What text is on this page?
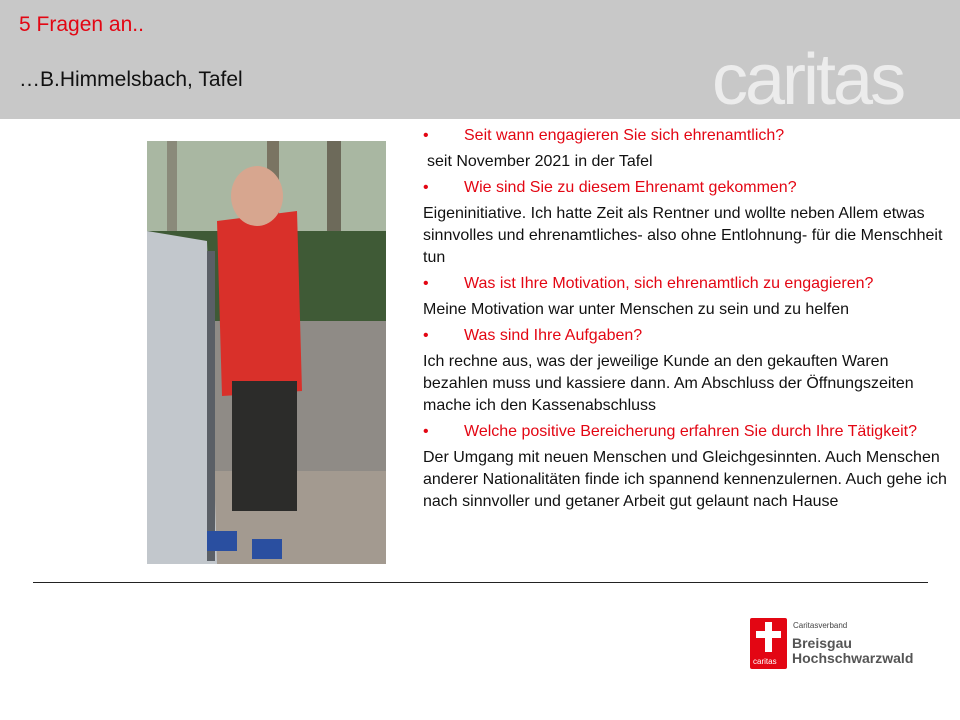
5 Fragen an..
…B.Himmelsbach, Tafel	caritas
• Seit wann engagieren Sie sich ehrenamtlich?
seit November 2021 in der Tafel
• Wie sind Sie zu diesem Ehrenamt gekommen?
Eigeninitiative. Ich hatte Zeit als Rentner und wollte neben Allem etwas sinnvolles und ehrenamtliches- also ohne Entlohnung- für die Menschheit tun
• Was ist Ihre Motivation, sich ehrenamtlich zu engagieren?
Meine Motivation war unter Menschen zu sein und zu helfen
• Was sind Ihre Aufgaben?
Ich rechne aus, was der jeweilige Kunde an den gekauften Waren bezahlen muss und kassiere dann. Am Abschluss der Öffnungszeiten mache ich den Kassenabschluss
• Welche positive Bereicherung erfahren Sie durch Ihre Tätigkeit?
Der Umgang mit neuen Menschen und Gleichgesinnten. Auch Menschen anderer Nationalitäten finde ich spannend kennenzulernen. Auch gehe ich nach sinnvoller und getaner Arbeit gut gelaunt nach Hause
caritas
Caritasverband
Breisgau
Hochschwarzwald
